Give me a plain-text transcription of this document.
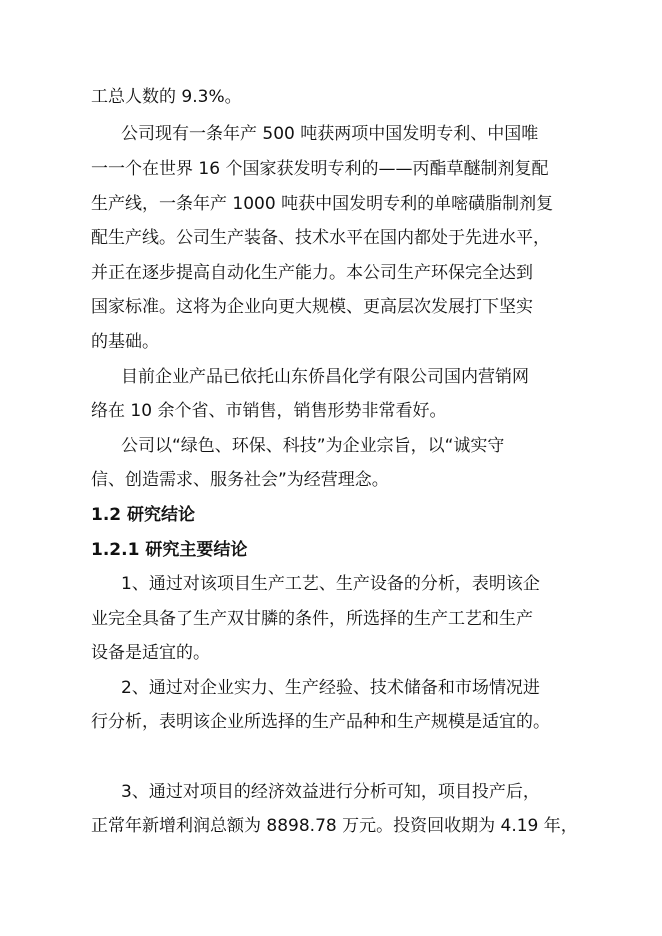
工总人数的 9.3%。
公司现有一条年产 500 吨获两项中国发明专利、中国唯
一一个在世界 16 个国家获发明专利的——丙酯草醚制剂复配
生产线，一条年产 1000 吨获中国发明专利的单嘧磺脂制剂复
配生产线。公司生产装备、技术水平在国内都处于先进水平，
并正在逐步提高自动化生产能力。本公司生产环保完全达到
国家标准。这将为企业向更大规模、更高层次发展打下坚实
的基础。
目前企业产品已依托山东侨昌化学有限公司国内营销网
络在 10 余个省、市销售，销售形势非常看好。
公司以“绿色、环保、科技”为企业宗旨，以“诚实守
信、创造需求、服务社会”为经营理念。
1.2 研究结论
1.2.1 研究主要结论
1、通过对该项目生产工艺、生产设备的分析，表明该企
业完全具备了生产双甘膦的条件，所选择的生产工艺和生产
设备是适宜的。
2、通过对企业实力、生产经验、技术储备和市场情况进
行分析，表明该企业所选择的生产品种和生产规模是适宜的。
3、通过对项目的经济效益进行分析可知，项目投产后，
正常年新增利润总额为 8898.78 万元。投资回收期为 4.19 年，
